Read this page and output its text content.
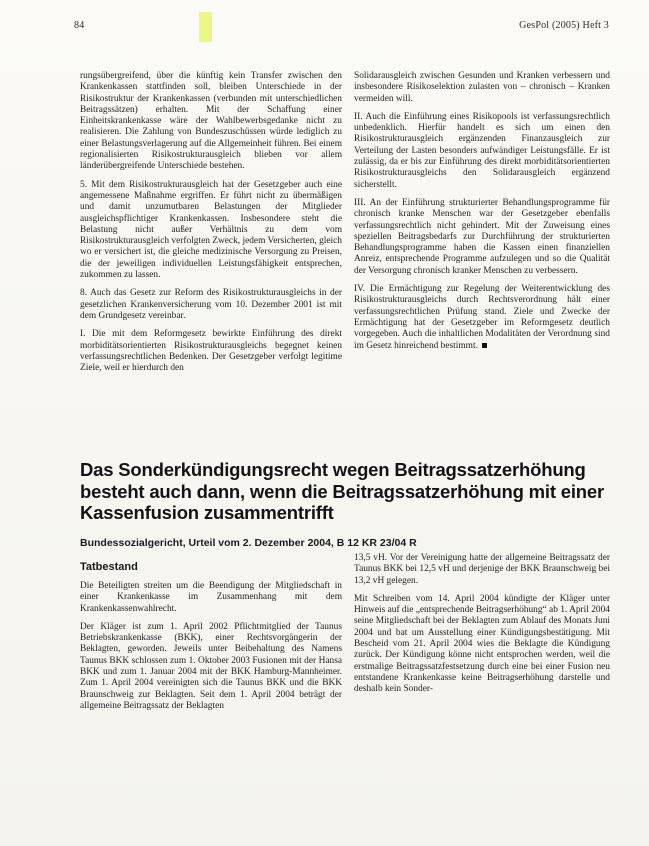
84	GesPol (2005) Heft 3

rungsübergreifend, über die künftig kein Transfer zwischen den Krankenkassen stattfinden soll, bleiben Unterschiede in der Risikostruktur der Krankenkassen (verbunden mit unterschiedlichen Beitragssätzen) erhalten. Mit der Schaffung einer Einheitskrankenkasse wäre der Wahlbewerbsgedanke nicht zu realisieren. Die Zahlung von Bundeszuschüssen würde lediglich zu einer Belastungsverlagerung auf die Allgemeinheit führen. Bei einem regionalisierten Risikostrukturausgleich blieben vor allem länderübergreifende Unterschiede bestehen.

5. Mit dem Risikostrukturausgleich hat der Gesetzgeber auch eine angemessene Maßnahme ergriffen. Er führt nicht zu übermäßigen und damit unzumutbaren Belastungen der Mitglieder ausgleichspflichtiger Krankenkassen. Insbesondere steht die Belastung nicht außer Verhältnis zu dem vom Risikostrukturausgleich verfolgten Zweck, jedem Versicherten, gleich wo er versichert ist, die gleiche medizinische Versorgung zu Preisen, die der jeweiligen individuellen Leistungsfähigkeit entsprechen, zukommen zu lassen.

8. Auch das Gesetz zur Reform des Risikostrukturausgleichs in der gesetzlichen Krankenversicherung vom 10. Dezember 2001 ist mit dem Grundgesetz vereinbar.

I. Die mit dem Reformgesetz bewirkte Einführung des direkt morbiditätsorientierten Risikostrukturausgleichs begegnet keinen verfassungsrechtlichen Bedenken. Der Gesetzgeber verfolgt legitime Ziele, weil er hierdurch den

Solidarausgleich zwischen Gesunden und Kranken verbessern und insbesondere Risikoselektion zulasten von – chronisch – Kranken vermeiden will.

II. Auch die Einführung eines Risikopools ist verfassungsrechtlich unbedenklich. Hierfür handelt es sich um einen den Risikostrukturausgleich ergänzenden Finanzausgleich zur Verteilung der Lasten besonders aufwändiger Leistungsfälle. Er ist zulässig, da er bis zur Einführung des direkt morbiditätsorientierten Risikostrukturausgleichs den Solidarausgleich ergänzend sicherstellt.

III. An der Einführung strukturierter Behandlungsprogramme für chronisch kranke Menschen war der Gesetzgeber ebenfalls verfassungsrechtlich nicht gehindert. Mit der Zuweisung eines speziellen Beitragsbedarfs zur Durchführung der strukturierten Behandlungsprogramme haben die Kassen einen finanziellen Anreiz, entsprechende Programme aufzulegen und so die Qualität der Versorgung chronisch kranker Menschen zu verbessern.

IV. Die Ermächtigung zur Regelung der Weiterentwicklung des Risikostrukturausgleichs durch Rechtsverordnung hält einer verfassungsrechtlichen Prüfung stand. Ziele und Zwecke der Ermächtigung hat der Gesetzgeber im Reformgesetz deutlich vorgegeben. Auch die inhaltlichen Modalitäten der Verordnung sind im Gesetz hinreichend bestimmt.

Das Sonderkündigungsrecht wegen Beitragssatzerhöhung besteht auch dann, wenn die Beitragssatzerhöhung mit einer Kassenfusion zusammentrifft
Bundessozialgericht, Urteil vom 2. Dezember 2004, B 12 KR 23/04 R
Tatbestand

Die Beteiligten streiten um die Beendigung der Mitgliedschaft in einer Krankenkasse im Zusammenhang mit dem Krankenkassenwahlrecht.

Der Kläger ist zum 1. April 2002 Pflichtmitglied der Taunus Betriebskrankenkasse (BKK), einer Rechtsvorgängerin der Beklagten, geworden. Jeweils unter Beibehaltung des Namens Taunus BKK schlossen zum 1. Oktober 2003 Fusionen mit der Hansa BKK und zum 1. Januar 2004 mit der BKK Hamburg-Mannheimer. Zum 1. April 2004 vereinigten sich die Taunus BKK und die BKK Braunschweig zur Beklagten. Seit dem 1. April 2004 beträgt der allgemeine Beitragssatz der Beklagten

13,5 vH. Vor der Vereinigung hatte der allgemeine Beitragssatz der Taunus BKK bei 12,5 vH und derjenige der BKK Braunschweig bei 13,2 vH gelegen.

Mit Schreiben vom 14. April 2004 kündigte der Kläger unter Hinweis auf die „entsprechende Beitragserhöhung“ ab 1. April 2004 seine Mitgliedschaft bei der Beklagten zum Ablauf des Monats Juni 2004 und bat um Ausstellung einer Kündigungsbestätigung. Mit Bescheid vom 21. April 2004 wies die Beklagte die Kündigung zurück. Der Kündigung könne nicht entsprochen werden, weil die erstmalige Beitragssatzfestsetzung durch eine bei einer Fusion neu entstandene Krankenkasse keine Beitragserhöhung darstelle und deshalb kein Sonder-
